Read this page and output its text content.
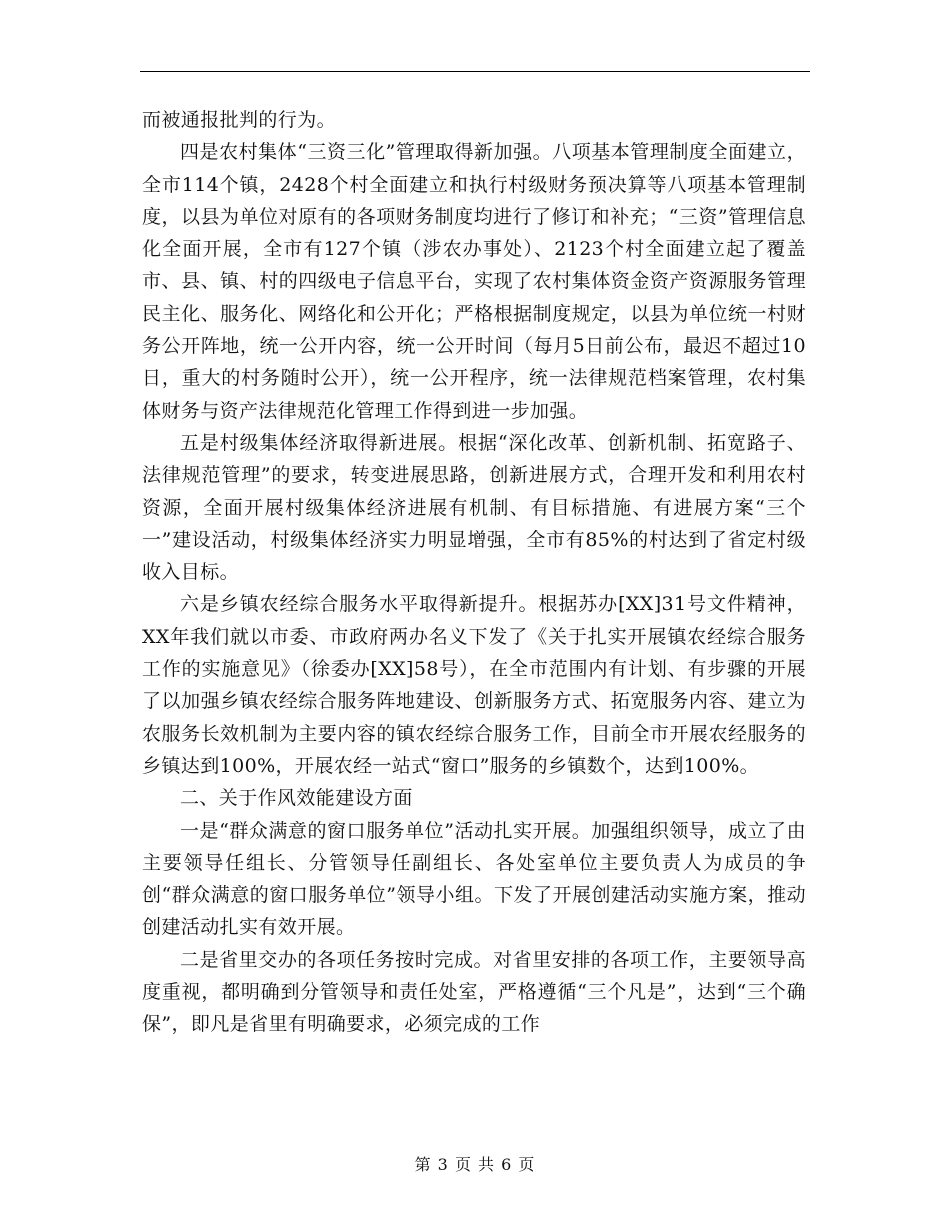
而被通报批判的行为。

四是农村集体“三资三化”管理取得新加强。八项基本管理制度全面建立，全市114个镇，2428个村全面建立和执行村级财务预决算等八项基本管理制度，以县为单位对原有的各项财务制度均进行了修订和补充；“三资”管理信息化全面开展，全市有127个镇（涉农办事处）、2123个村全面建立起了覆盖市、县、镇、村的四级电子信息平台，实现了农村集体资金资产资源服务管理民主化、服务化、网络化和公开化；严格根据制度规定，以县为单位统一村财务公开阵地，统一公开内容，统一公开时间（每月5日前公布，最迟不超过10日，重大的村务随时公开），统一公开程序，统一法律规范档案管理，农村集体财务与资产法律规范化管理工作得到进一步加强。

五是村级集体经济取得新进展。根据“深化改革、创新机制、拓宽路子、法律规范管理”的要求，转变进展思路，创新进展方式，合理开发和利用农村资源，全面开展村级集体经济进展有机制、有目标措施、有进展方案“三个一”建设活动，村级集体经济实力明显增强，全市有85%的村达到了省定村级收入目标。

六是乡镇农经综合服务水平取得新提升。根据苏办[XX]31号文件精神，XX年我们就以市委、市政府两办名义下发了《关于扎实开展镇农经综合服务工作的实施意见》（徐委办[XX]58号），在全市范围内有计划、有步骤的开展了以加强乡镇农经综合服务阵地建设、创新服务方式、拓宽服务内容、建立为农服务长效机制为主要内容的镇农经综合服务工作，目前全市开展农经服务的乡镇达到100%，开展农经一站式“窗口”服务的乡镇数个，达到100%。

二、关于作风效能建设方面

一是“群众满意的窗口服务单位”活动扎实开展。加强组织领导，成立了由主要领导任组长、分管领导任副组长、各处室单位主要负责人为成员的争创“群众满意的窗口服务单位”领导小组。下发了开展创建活动实施方案，推动创建活动扎实有效开展。

二是省里交办的各项任务按时完成。对省里安排的各项工作，主要领导高度重视，都明确到分管领导和责任处室，严格遵循“三个凡是”，达到“三个确保”，即凡是省里有明确要求，必须完成的工作

第 3 页 共 6 页
